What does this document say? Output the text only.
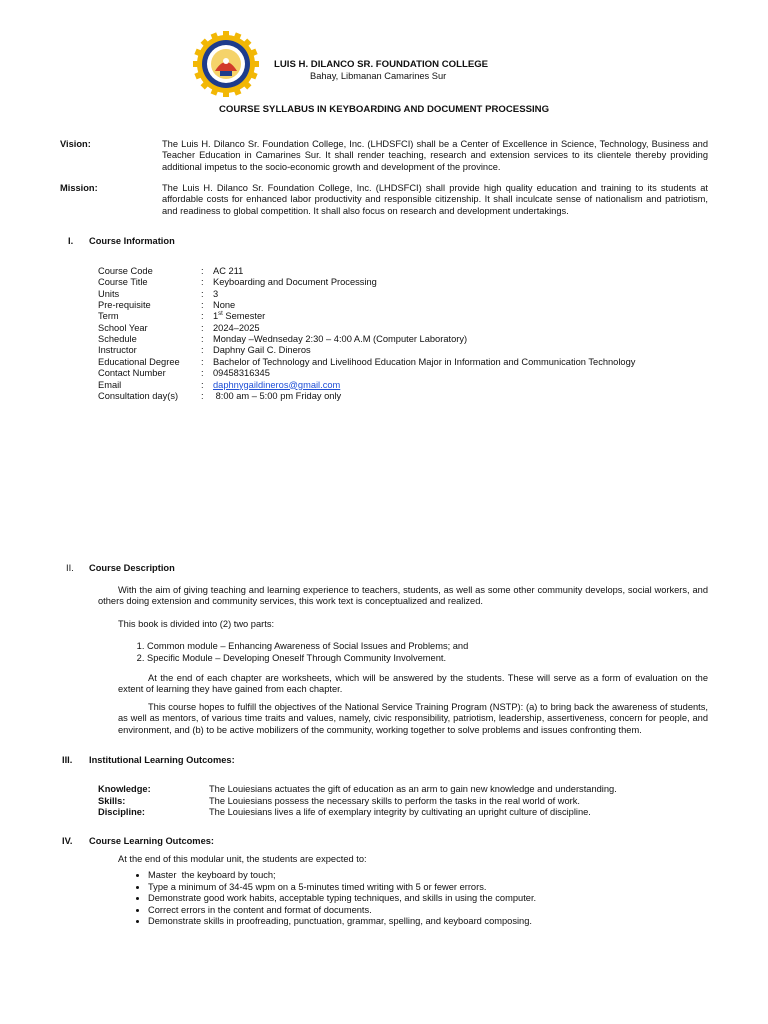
LUIS H. DILANCO SR. FOUNDATION COLLEGE
Bahay, Libmanan Camarines Sur
COURSE SYLLABUS IN KEYBOARDING AND DOCUMENT PROCESSING
Vision:	The Luis H. Dilanco Sr. Foundation College, Inc. (LHDSFCI) shall be a Center of Excellence in Science, Technology, Business and Teacher Education in Camarines Sur. It shall render teaching, research and extension services to its clientele thereby providing additional impetus to the socio-economic growth and development of the province.
Mission:	The Luis H. Dilanco Sr. Foundation College, Inc. (LHDSFCI) shall provide high quality education and training to its students at affordable costs for enhanced labor productivity and responsible citizenship. It shall inculcate sense of nationalism and patriotism, and readiness to global competition. It shall also focus on research and development undertakings.
I. Course Information
Course Code	:	AC 211
Course Title	:	Keyboarding and Document Processing
Units	:	3
Pre-requisite	:	None
Term	:	1st Semester
School Year	:	2024–2025
Schedule	:	Monday –Wednseday 2:30 – 4:00 A.M (Computer Laboratory)
Instructor	:	Daphny Gail C. Dineros
Educational Degree	:	Bachelor of Technology and Livelihood Education Major in Information and Communication Technology
Contact Number	:	09458316345
Email	:	daphnygaildineros@gmail.com
Consultation day(s)	:	8:00 am – 5:00 pm Friday only
II. Course Description
With the aim of giving teaching and learning experience to teachers, students, as well as some other community develops, social workers, and others doing extension and community services, this work text is conceptualized and realized.
This book is divided into (2) two parts:
1. Common module – Enhancing Awareness of Social Issues and Problems; and
2. Specific Module – Developing Oneself Through Community Involvement.
At the end of each chapter are worksheets, which will be answered by the students. These will serve as a form of evaluation on the extent of learning they have gained from each chapter.
This course hopes to fulfill the objectives of the National Service Training Program (NSTP): (a) to bring back the awareness of students, as well as mentors, of various time traits and values, namely, civic responsibility, patriotism, leadership, assertiveness, concern for people, and environment, and (b) to be active mobilizers of the community, working together to solve problems and issues confronting them.
III. Institutional Learning Outcomes:
Knowledge:	The Louiesians actuates the gift of education as an arm to gain new knowledge and understanding.
Skills:	The Louiesians possess the necessary skills to perform the tasks in the real world of work.
Discipline:	The Louiesians lives a life of exemplary integrity by cultivating an upright culture of discipline.
IV. Course Learning Outcomes:
At the end of this modular unit, the students are expected to:
• Master  the keyboard by touch;
• Type a minimum of 34-45 wpm on a 5-minutes timed writing with 5 or fewer errors.
• Demonstrate good work habits, acceptable typing techniques, and skills in using the computer.
• Correct errors in the content and format of documents.
• Demonstrate skills in proofreading, punctuation, grammar, spelling, and keyboard composing.
